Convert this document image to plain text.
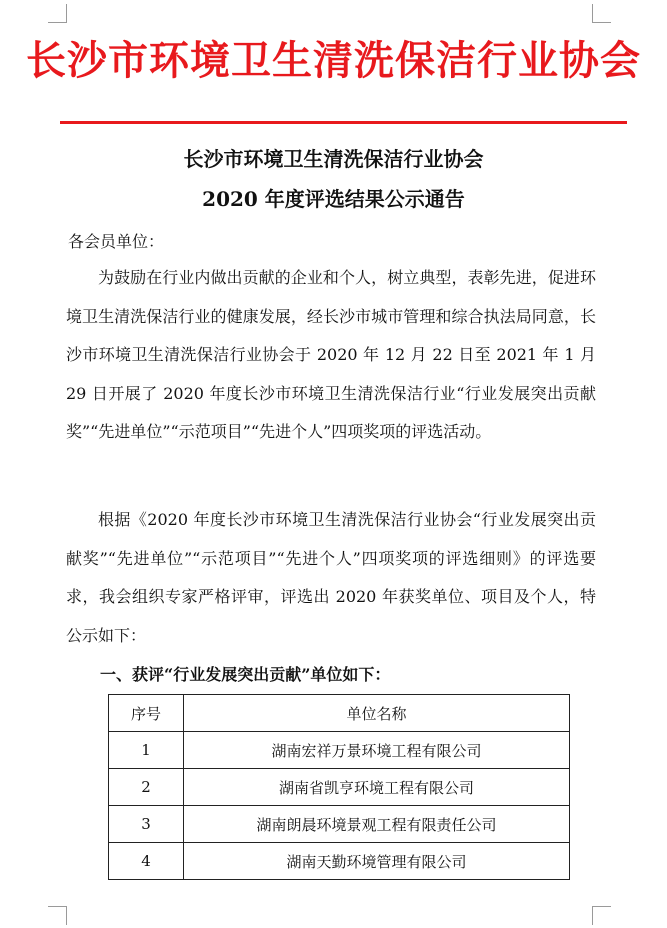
长沙市环境卫生清洗保洁行业协会
长沙市环境卫生清洗保洁行业协会
2020 年度评选结果公示通告
各会员单位：

为鼓励在行业内做出贡献的企业和个人，树立典型，表彰先进，促进环境卫生清洗保洁行业的健康发展，经长沙市城市管理和综合执法局同意，长沙市环境卫生清洗保洁行业协会于 2020 年 12 月 22 日至 2021 年 1 月 29 日开展了 2020 年度长沙市环境卫生清洗保洁行业“行业发展突出贡献奖”“先进单位”“示范项目”“先进个人”四项奖项的评选活动。

根据《2020 年度长沙市环境卫生清洗保洁行业协会“行业发展突出贡献奖”“先进单位”“示范项目”“先进个人”四项奖项的评选细则》的评选要求，我会组织专家严格评审，评选出 2020 年获奖单位、项目及个人，特公示如下：

一、获评“行业发展突出贡献”单位如下：
序号	单位名称
1	湖南宏祥万景环境工程有限公司
2	湖南省凯亨环境工程有限公司
3	湖南朗晨环境景观工程有限责任公司
4	湖南天勤环境管理有限公司
